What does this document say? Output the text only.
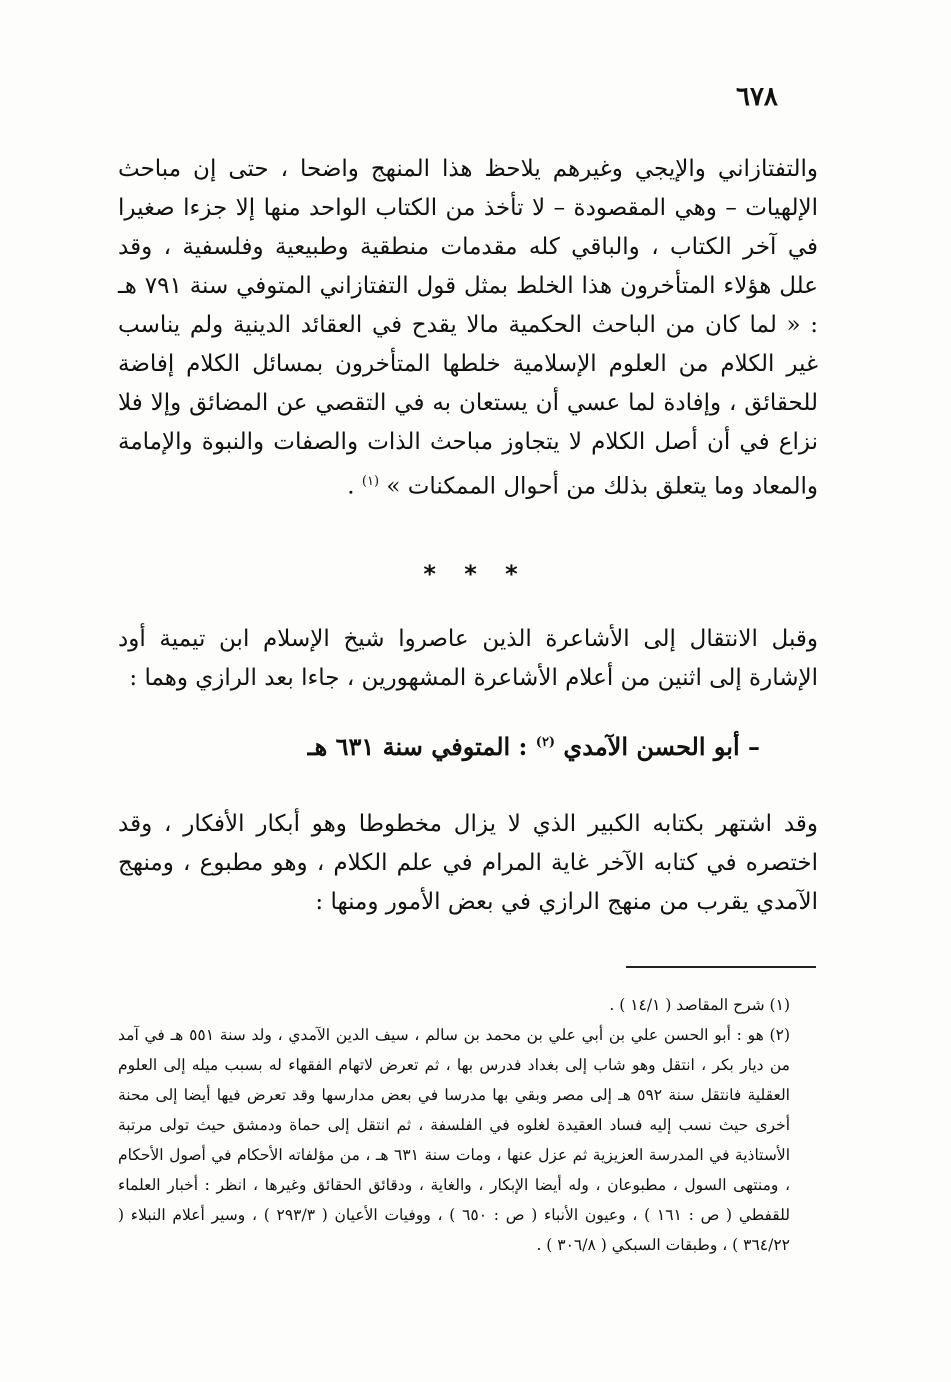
٦٧٨
والتفتازاني والإيجي وغيرهم يلاحظ هذا المنهج واضحا ، حتى إن مباحث الإلهيات – وهي المقصودة – لا تأخذ من الكتاب الواحد منها إلا جزءا صغيرا في آخر الكتاب ، والباقي كله مقدمات منطقية وطبيعية وفلسفية ، وقد علل هؤلاء المتأخرون هذا الخلط بمثل قول التفتازاني المتوفي سنة ٧٩١ هـ : « لما كان من الباحث الحكمية مالا يقدح في العقائد الدينية ولم يناسب غير الكلام من العلوم الإسلامية خلطها المتأخرون بمسائل الكلام إفاضة للحقائق ، وإفادة لما عسي أن يستعان به في التقصي عن المضائق وإلا فلا نزاع في أن أصل الكلام لا يتجاوز مباحث الذات والصفات والنبوة والإمامة والمعاد وما يتعلق بذلك من أحوال الممكنات » $^{(١)}$ .
* * *
وقبل الانتقال إلى الأشاعرة الذين عاصروا شيخ الإسلام ابن تيمية أود الإشارة إلى اثنين من أعلام الأشاعرة المشهورين ، جاءا بعد الرازي وهما :
– أبو الحسن الآمدي $^{(٢)}$ : المتوفي سنة ٦٣١ هـ
وقد اشتهر بكتابه الكبير الذي لا يزال مخطوطا وهو أبكار الأفكار ، وقد اختصره في كتابه الآخر غاية المرام في علم الكلام ، وهو مطبوع ، ومنهج الآمدي يقرب من منهج الرازي في بعض الأمور ومنها :

(١) شرح المقاصد ( ١٤/١ ) .

(٢) هو : أبو الحسن علي بن أبي علي بن محمد بن سالم ، سيف الدين الآمدي ، ولد سنة ٥٥١ هـ في آمد من ديار بكر ، انتقل وهو شاب إلى بغداد فدرس بها ، ثم تعرض لاتهام الفقهاء له بسبب ميله إلى العلوم العقلية فانتقل سنة ٥٩٢ هـ إلى مصر وبقي بها مدرسا في بعض مدارسها وقد تعرض فيها أيضا إلى محنة أخرى حيث نسب إليه فساد العقيدة لغلوه في الفلسفة ، ثم انتقل إلى حماة ودمشق حيث تولى مرتبة الأستاذية في المدرسة العزيزية ثم عزل عنها ، ومات سنة ٦٣١ هـ ، من مؤلفاته الأحكام في أصول الأحكام ، ومنتهى السول ، مطبوعان ، وله أيضا الإبكار ، والغاية ، ودقائق الحقائق وغيرها ، انظر : أخبار العلماء للقفطي ( ص : ١٦١ ) ، وعيون الأنباء ( ص : ٦٥٠ ) ، ووفيات الأعيان ( ٢٩٣/٣ ) ، وسير أعلام النبلاء ( ٣٦٤/٢٢ ) ، وطبقات السبكي ( ٣٠٦/٨ ) .
